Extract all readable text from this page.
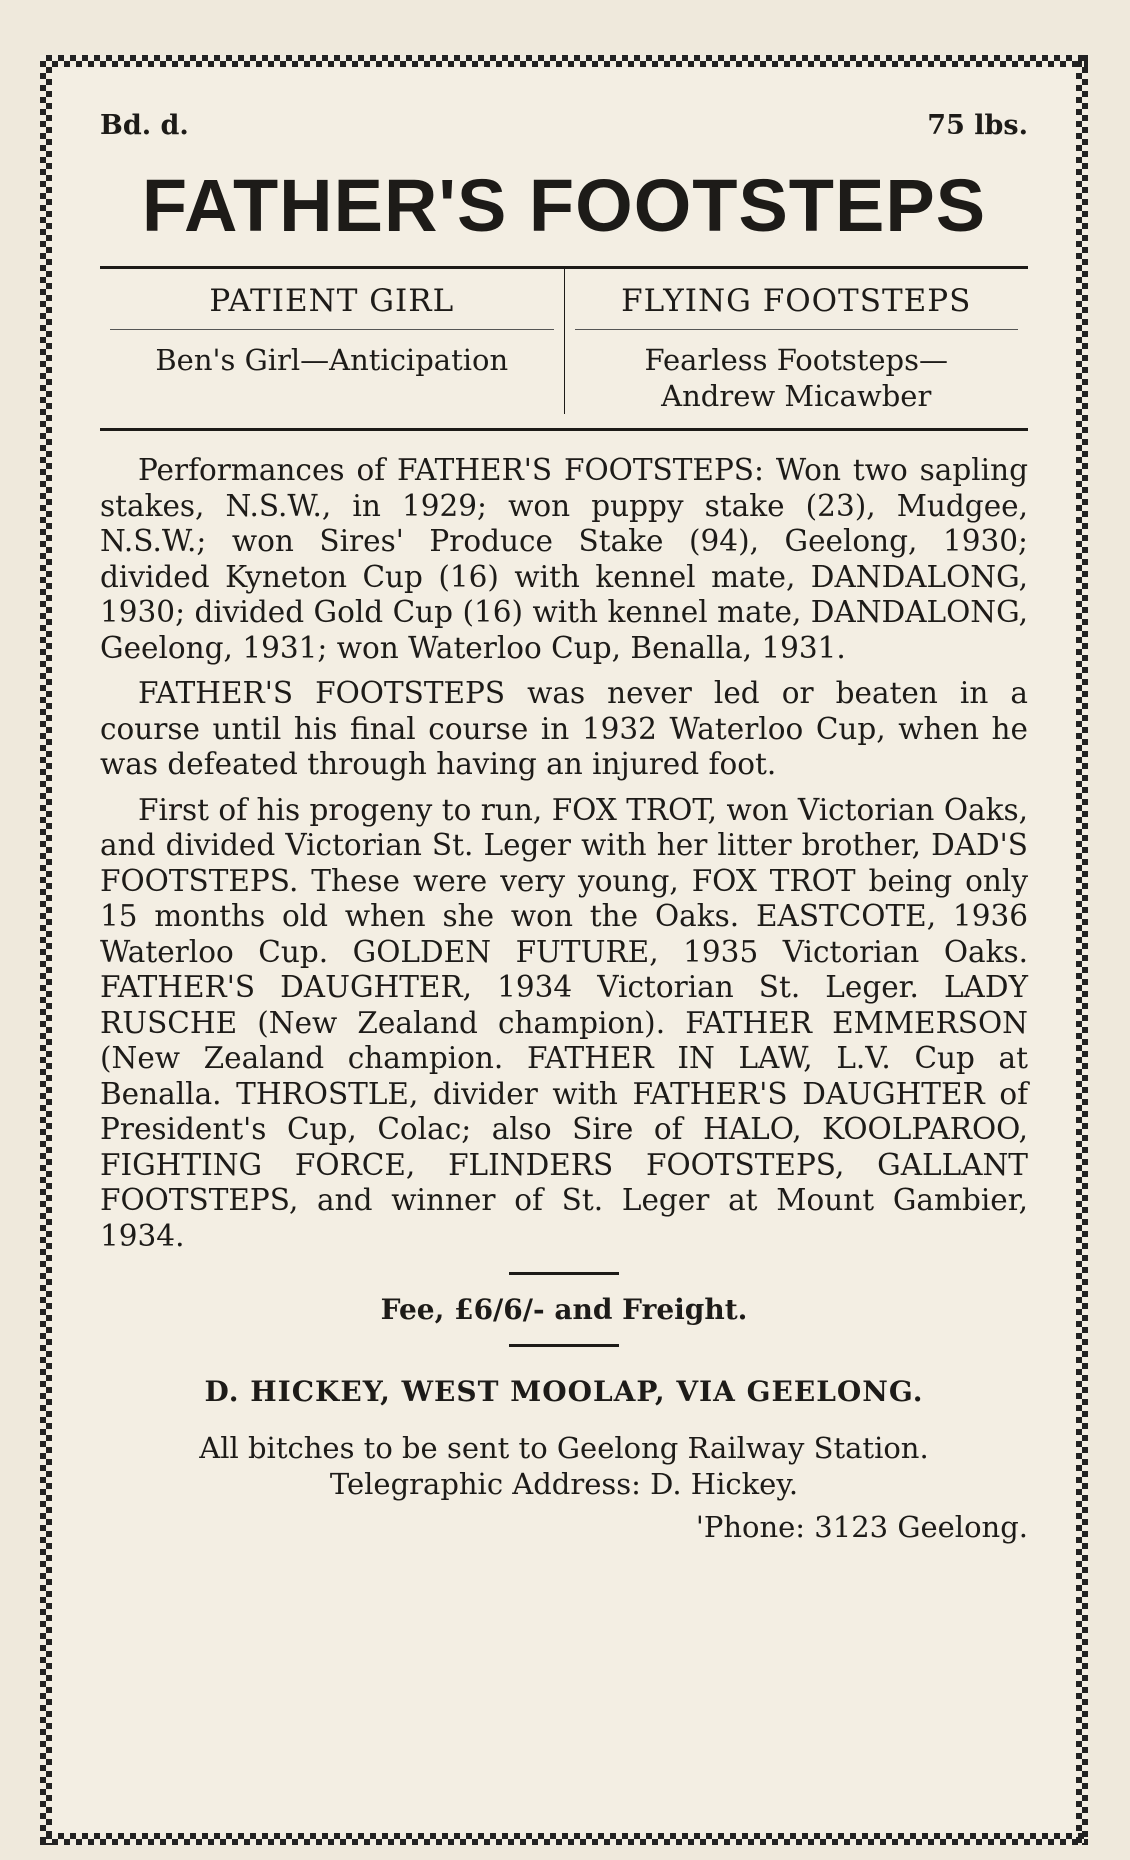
Bd. d.	75 lbs.
FATHER'S FOOTSTEPS
PATIENT GIRL
Ben's Girl—Anticipation
FLYING FOOTSTEPS
Fearless Footsteps—
Andrew Micawber

Performances of FATHER'S FOOTSTEPS: Won two sapling stakes, N.S.W., in 1929; won puppy stake (23), Mudgee, N.S.W.; won Sires' Produce Stake (94), Geelong, 1930; divided Kyneton Cup (16) with kennel mate, DANDALONG, 1930; divided Gold Cup (16) with kennel mate, DANDALONG, Geelong, 1931; won Waterloo Cup, Benalla, 1931.

FATHER'S FOOTSTEPS was never led or beaten in a course until his final course in 1932 Waterloo Cup, when he was defeated through having an injured foot.

First of his progeny to run, FOX TROT, won Victorian Oaks, and divided Victorian St. Leger with her litter brother, DAD'S FOOTSTEPS. These were very young, FOX TROT being only 15 months old when she won the Oaks. EASTCOTE, 1936 Waterloo Cup. GOLDEN FUTURE, 1935 Victorian Oaks. FATHER'S DAUGHTER, 1934 Victorian St. Leger. LADY RUSCHE (New Zealand champion). FATHER EMMERSON (New Zealand champion. FATHER IN LAW, L.V. Cup at Benalla. THROSTLE, divider with FATHER'S DAUGHTER of President's Cup, Colac; also Sire of HALO, KOOLPAROO, FIGHTING FORCE, FLINDERS FOOTSTEPS, GALLANT FOOTSTEPS, and winner of St. Leger at Mount Gambier, 1934.

Fee, £6/6/- and Freight.
D. HICKEY, WEST MOOLAP, VIA GEELONG.
All bitches to be sent to Geelong Railway Station.
Telegraphic Address: D. Hickey.
'Phone: 3123 Geelong.
